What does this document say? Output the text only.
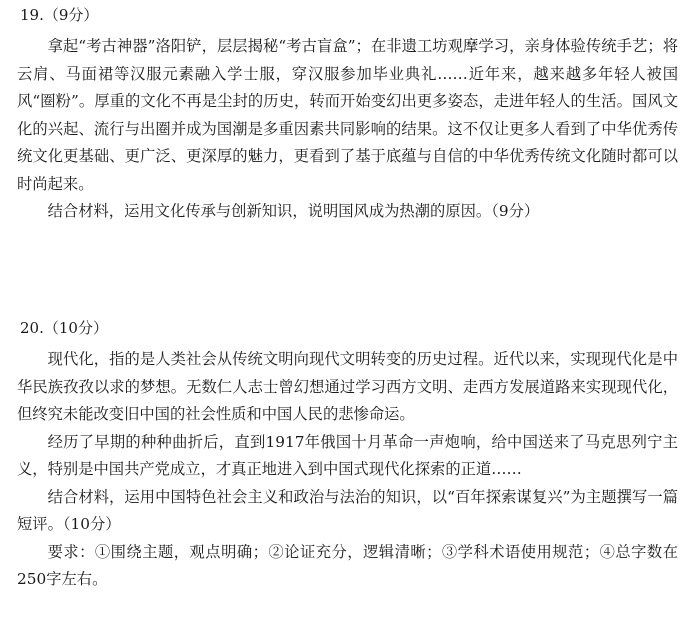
19.（9分）

拿起“考古神器”洛阳铲，层层揭秘“考古盲盒”；在非遗工坊观摩学习，亲身体验传统手艺；将云肩、马面裙等汉服元素融入学士服，穿汉服参加毕业典礼……近年来，越来越多年轻人被国风“圈粉”。厚重的文化不再是尘封的历史，转而开始变幻出更多姿态，走进年轻人的生活。国风文化的兴起、流行与出圈并成为国潮是多重因素共同影响的结果。这不仅让更多人看到了中华优秀传统文化更基础、更广泛、更深厚的魅力，更看到了基于底蕴与自信的中华优秀传统文化随时都可以时尚起来。

结合材料，运用文化传承与创新知识，说明国风成为热潮的原因。（9分）

20.（10分）

现代化，指的是人类社会从传统文明向现代文明转变的历史过程。近代以来，实现现代化是中华民族孜孜以求的梦想。无数仁人志士曾幻想通过学习西方文明、走西方发展道路来实现现代化，但终究未能改变旧中国的社会性质和中国人民的悲惨命运。

经历了早期的种种曲折后，直到1917年俄国十月革命一声炮响，给中国送来了马克思列宁主义，特别是中国共产党成立，才真正地进入到中国式现代化探索的正道……

结合材料，运用中国特色社会主义和政治与法治的知识，以“百年探索谋复兴”为主题撰写一篇短评。（10分）

要求：①围绕主题，观点明确；②论证充分，逻辑清晰；③学科术语使用规范；④总字数在250字左右。
